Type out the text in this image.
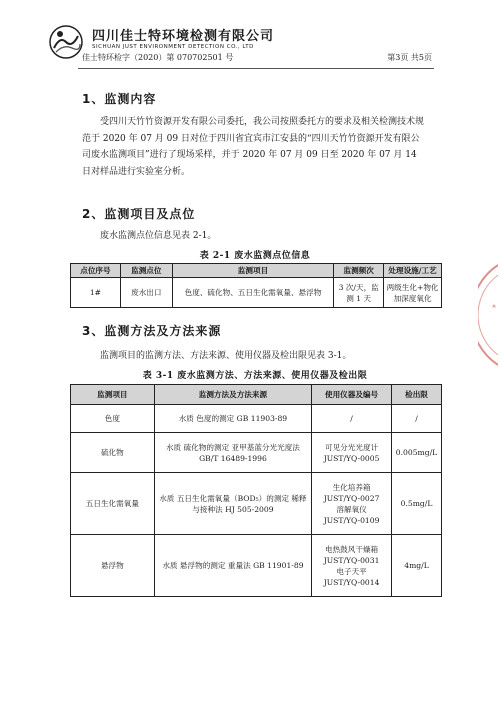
四川佳士特环境检测有限公司
SICHUAN JUST ENVIRONMENT DETECTION CO., LTD
佳士特环检字（2020）第 070702501 号	第3页 共5页
1、监测内容
受四川天竹竹资源开发有限公司委托，我公司按照委托方的要求及相关检测技术规范于 2020 年 07 月 09 日对位于四川省宜宾市江安县的“四川天竹竹资源开发有限公司废水监测项目”进行了现场采样，并于 2020 年 07 月 09 日至 2020 年 07 月 14 日对样品进行实验室分析。
2、监测项目及点位
废水监测点位信息见表 2-1。
表 2-1 废水监测点位信息
点位序号	监测点位	监测项目	监测频次	处理设施/工艺
1#	废水出口	色度、硫化物、五日生化需氧量、悬浮物	3 次/天，监测 1 天	两级生化+物化加深度氧化
3、监测方法及方法来源
监测项目的监测方法、方法来源、使用仪器及检出限见表 3-1。
表 3-1 废水监测方法、方法来源、使用仪器及检出限
监测项目	监测方法及方法来源	使用仪器及编号	检出限
色度	水质 色度的测定 GB 11903-89	/	/
硫化物	水质 硫化物的测定 亚甲基蓝分光光度法 GB/T 16489-1996	可见分光光度计
JUST/YQ-0005	0.005mg/L
五日生化需氧量	水质 五日生化需氧量（BOD₅）的测定 稀释与接种法 HJ 505-2009	生化培养箱
JUST/YQ-0027
溶解氧仪
JUST/YQ-0109	0.5mg/L
悬浮物	水质 悬浮物的测定 重量法 GB 11901-89	电热鼓风干燥箱
JUST/YQ-0031
电子天平
JUST/YQ-0014	4mg/L
